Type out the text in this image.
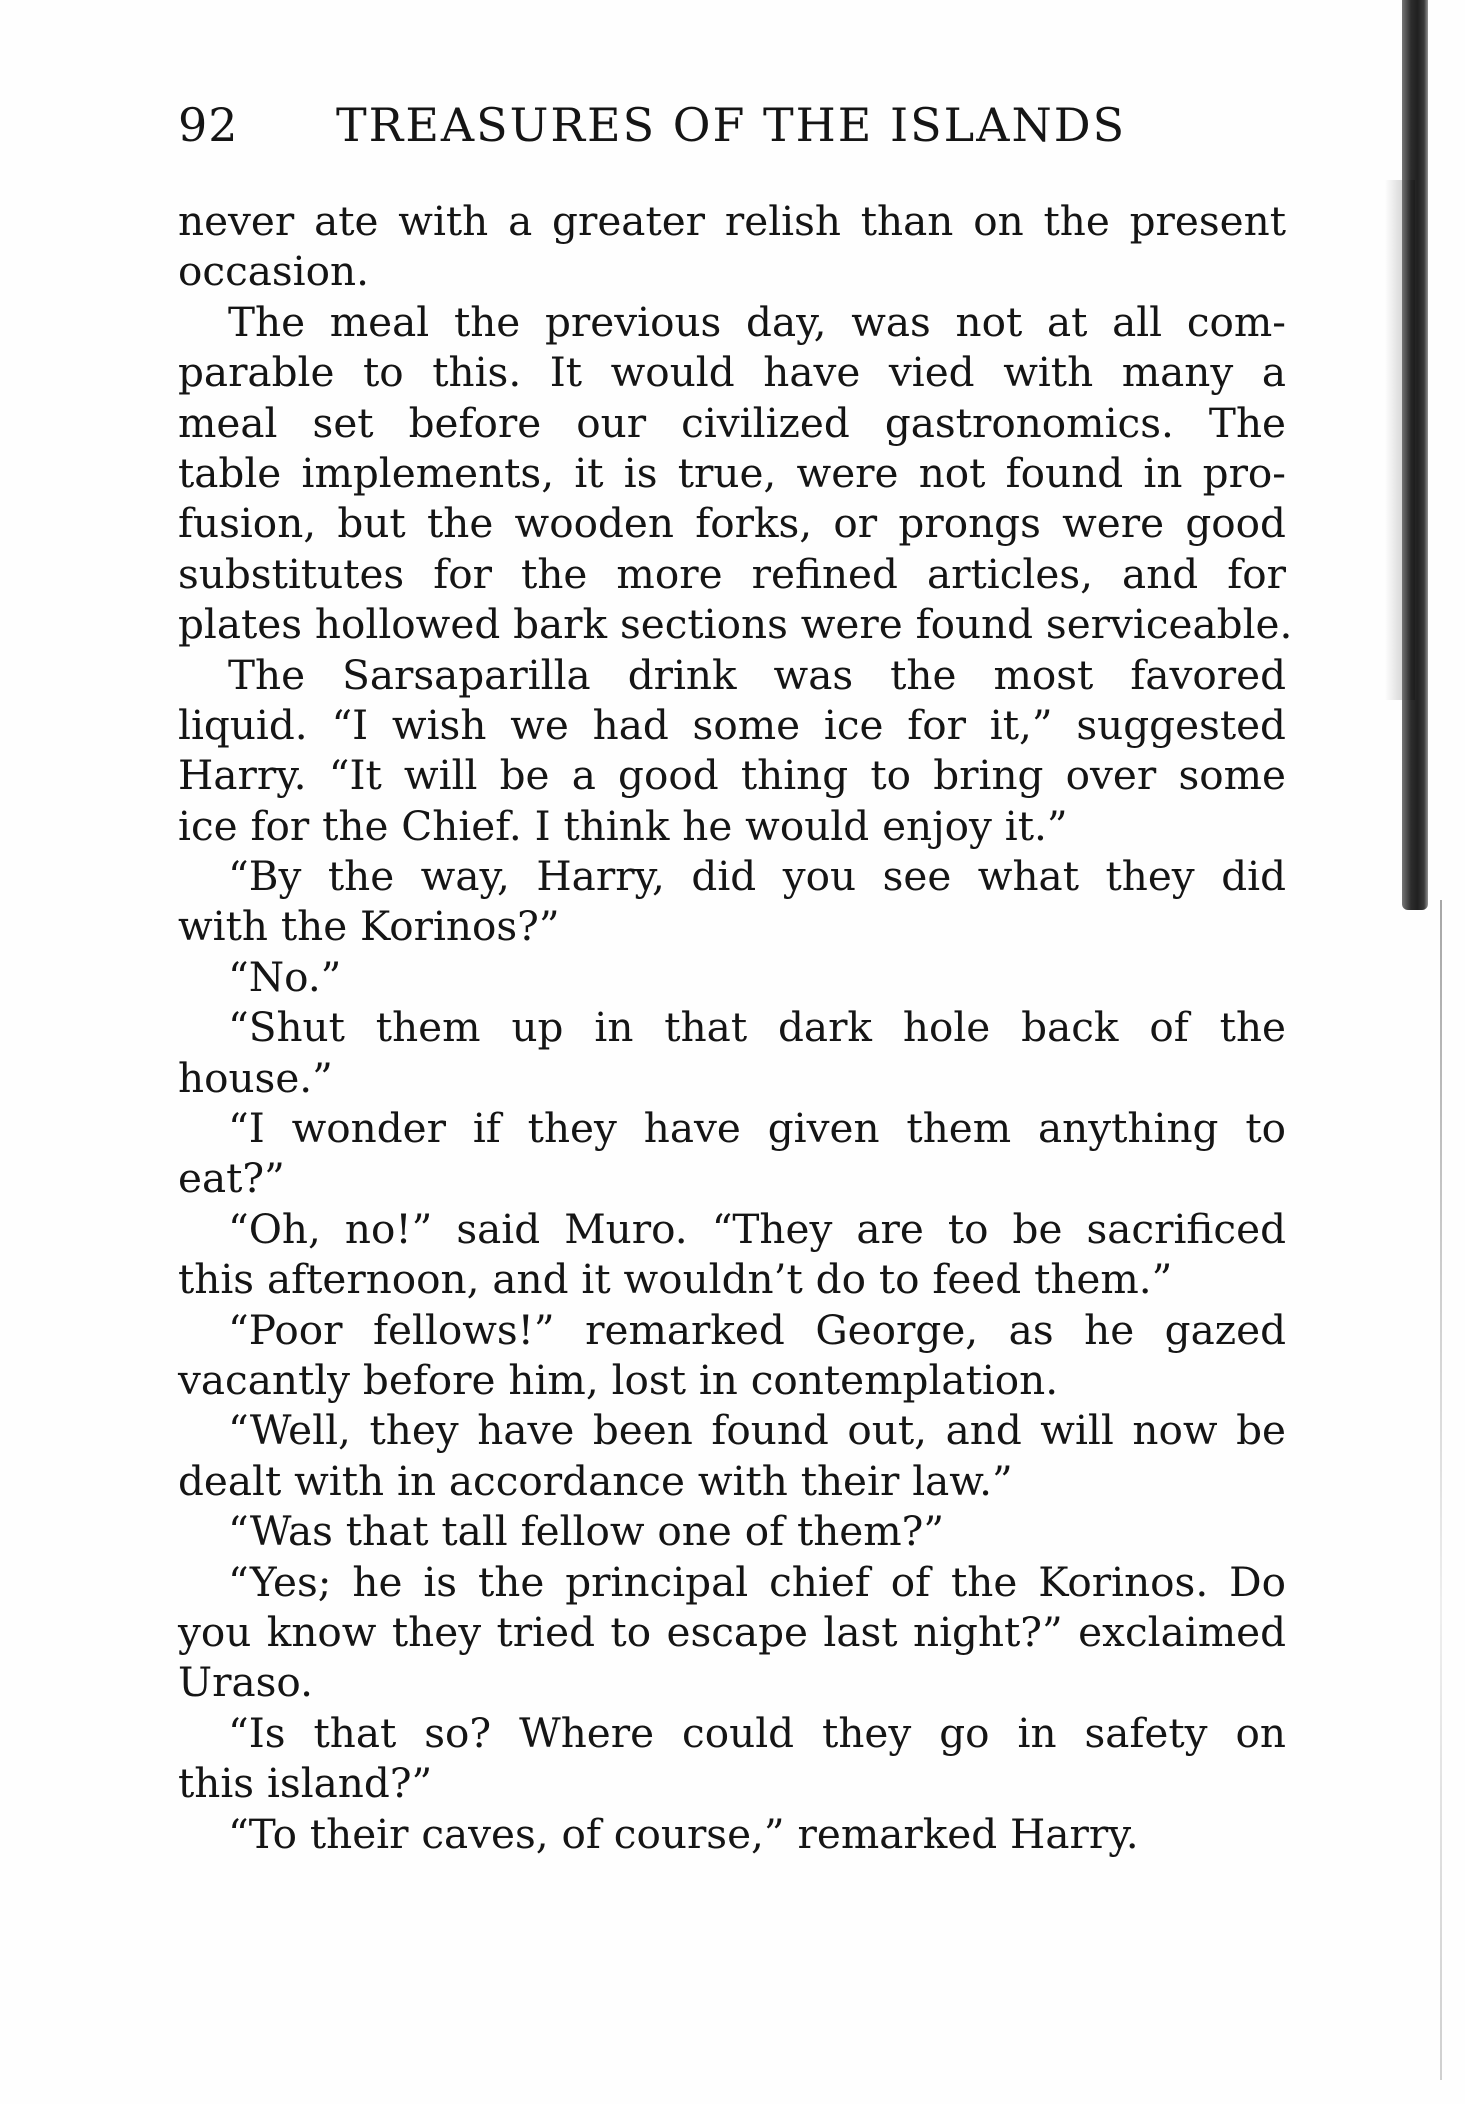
92 TREASURES OF THE ISLANDS
never ate with a greater relish than on the present
occasion.
The meal the previous day, was not at all com-
parable to this. It would have vied with many a
meal set before our civilized gastronomics. The
table implements, it is true, were not found in pro-
fusion, but the wooden forks, or prongs were good
substitutes for the more refined articles, and for
plates hollowed bark sections were found serviceable.
The Sarsaparilla drink was the most favored
liquid. “I wish we had some ice for it,” suggested
Harry. “It will be a good thing to bring over some
ice for the Chief. I think he would enjoy it.”
“By the way, Harry, did you see what they did
with the Korinos?”
“No.”
“Shut them up in that dark hole back of the
house.”
“I wonder if they have given them anything to
eat?”
“Oh, no!” said Muro. “They are to be sacrificed
this afternoon, and it wouldn’t do to feed them.”
“Poor fellows!” remarked George, as he gazed
vacantly before him, lost in contemplation.
“Well, they have been found out, and will now be
dealt with in accordance with their law.”
“Was that tall fellow one of them?”
“Yes; he is the principal chief of the Korinos. Do
you know they tried to escape last night?” exclaimed
Uraso.
“Is that so? Where could they go in safety on
this island?”
“To their caves, of course,” remarked Harry.
